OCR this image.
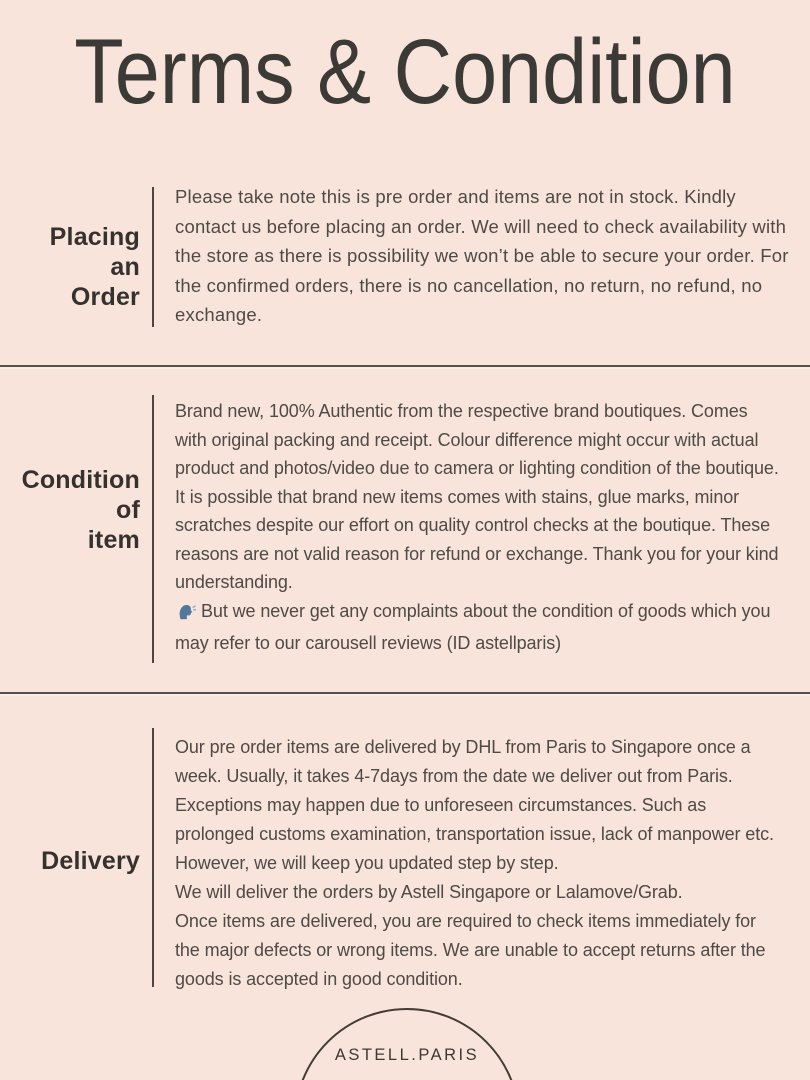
Terms & Condition
Placing
an
Order

Please take note this is pre order and items are not in stock. Kindly contact us before placing an order. We will need to check availability with the store as there is possibility we won’t be able to secure your order. For the confirmed orders, there is no cancellation, no return, no refund, no exchange.

Condition
of
item

Brand new, 100% Authentic from the respective brand boutiques. Comes with original packing and receipt. Colour difference might occur with actual product and photos/video due to camera or lighting condition of the boutique. It is possible that brand new items comes with stains, glue marks, minor scratches despite our effort on quality control checks at the boutique. These reasons are not valid reason for refund or exchange. Thank you for your kind understanding.

But we never get any complaints about the condition of goods which you may refer to our carousell reviews (ID astellparis)

Delivery

Our pre order items are delivered by DHL from Paris to Singapore once a week. Usually, it takes 4-7days from the date we deliver out from Paris. Exceptions may happen due to unforeseen circumstances. Such as prolonged customs examination, transportation issue, lack of manpower etc. However, we will keep you updated step by step.

We will deliver the orders by Astell Singapore or Lalamove/Grab.

Once items are delivered, you are required to check items immediately for the major defects or wrong items. We are unable to accept returns after the goods is accepted in good condition.

ASTELL.PARIS
